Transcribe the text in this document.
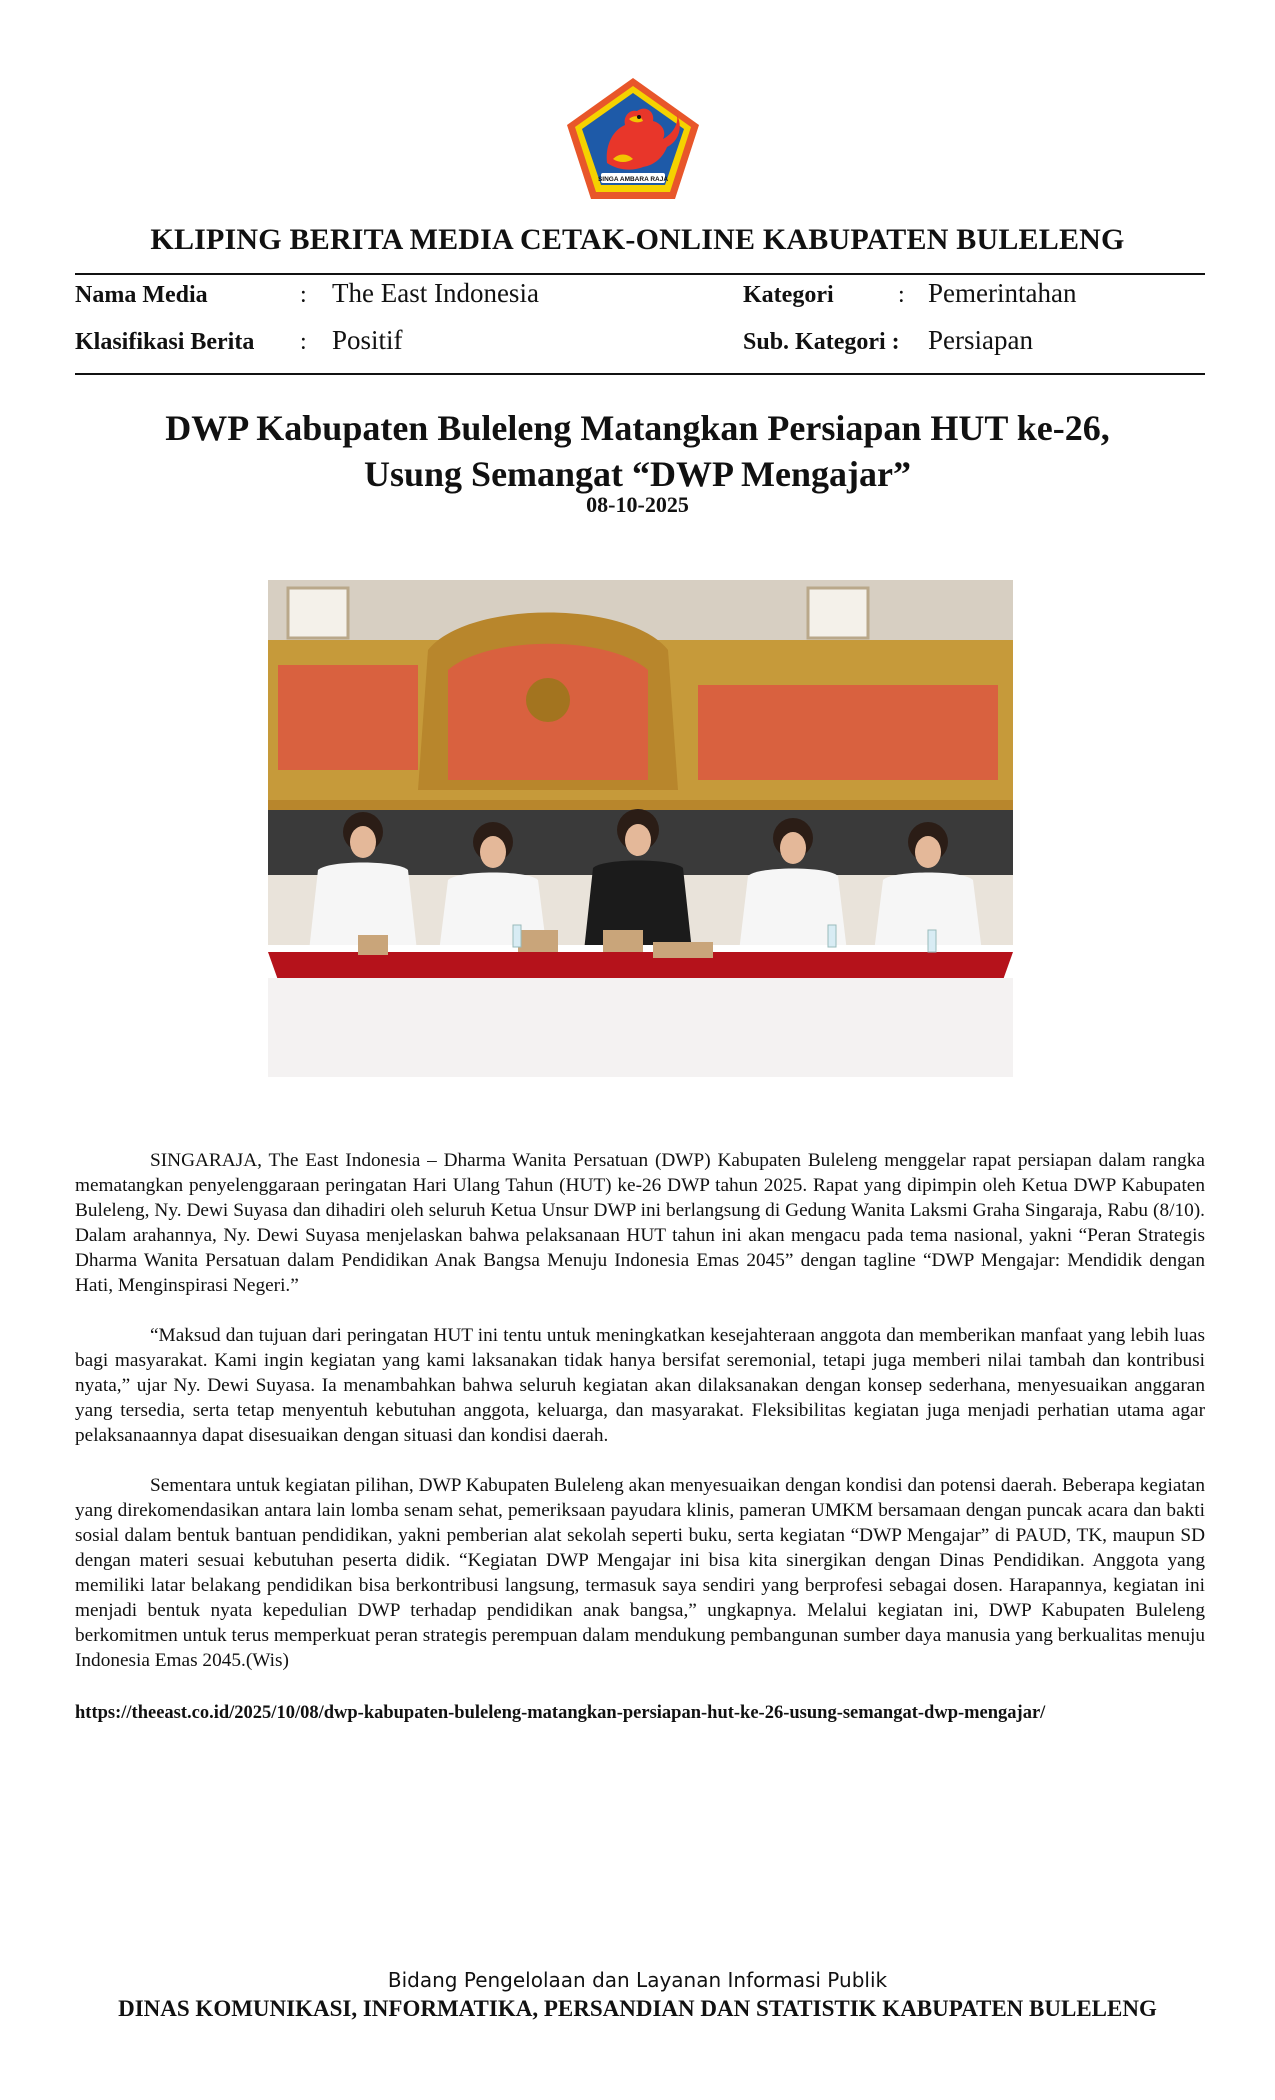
SINGA AMBARA RAJA
KLIPING BERITA MEDIA CETAK-ONLINE KABUPATEN BULELENG
Nama Media	: The East Indonesia	Kategori	: Pemerintahan
Klasifikasi Berita : Positif	Sub. Kategori : Persiapan
DWP Kabupaten Buleleng Matangkan Persiapan HUT ke-26,
Usung Semangat “DWP Mengajar”
08-10-2025

SINGARAJA, The East Indonesia – Dharma Wanita Persatuan (DWP) Kabupaten Buleleng menggelar rapat persiapan dalam rangka mematangkan penyelenggaraan peringatan Hari Ulang Tahun (HUT) ke-26 DWP tahun 2025. Rapat yang dipimpin oleh Ketua DWP Kabupaten Buleleng, Ny. Dewi Suyasa dan dihadiri oleh seluruh Ketua Unsur DWP ini berlangsung di Gedung Wanita Laksmi Graha Singaraja, Rabu (8/10). Dalam arahannya, Ny. Dewi Suyasa menjelaskan bahwa pelaksanaan HUT tahun ini akan mengacu pada tema nasional, yakni “Peran Strategis Dharma Wanita Persatuan dalam Pendidikan Anak Bangsa Menuju Indonesia Emas 2045” dengan tagline “DWP Mengajar: Mendidik dengan Hati, Menginspirasi Negeri.”

“Maksud dan tujuan dari peringatan HUT ini tentu untuk meningkatkan kesejahteraan anggota dan memberikan manfaat yang lebih luas bagi masyarakat. Kami ingin kegiatan yang kami laksanakan tidak hanya bersifat seremonial, tetapi juga memberi nilai tambah dan kontribusi nyata,” ujar Ny. Dewi Suyasa. Ia menambahkan bahwa seluruh kegiatan akan dilaksanakan dengan konsep sederhana, menyesuaikan anggaran yang tersedia, serta tetap menyentuh kebutuhan anggota, keluarga, dan masyarakat. Fleksibilitas kegiatan juga menjadi perhatian utama agar pelaksanaannya dapat disesuaikan dengan situasi dan kondisi daerah.

Sementara untuk kegiatan pilihan, DWP Kabupaten Buleleng akan menyesuaikan dengan kondisi dan potensi daerah. Beberapa kegiatan yang direkomendasikan antara lain lomba senam sehat, pemeriksaan payudara klinis, pameran UMKM bersamaan dengan puncak acara dan bakti sosial dalam bentuk bantuan pendidikan, yakni pemberian alat sekolah seperti buku, serta kegiatan “DWP Mengajar” di PAUD, TK, maupun SD dengan materi sesuai kebutuhan peserta didik. “Kegiatan DWP Mengajar ini bisa kita sinergikan dengan Dinas Pendidikan. Anggota yang memiliki latar belakang pendidikan bisa berkontribusi langsung, termasuk saya sendiri yang berprofesi sebagai dosen. Harapannya, kegiatan ini menjadi bentuk nyata kepedulian DWP terhadap pendidikan anak bangsa,” ungkapnya. Melalui kegiatan ini, DWP Kabupaten Buleleng berkomitmen untuk terus memperkuat peran strategis perempuan dalam mendukung pembangunan sumber daya manusia yang berkualitas menuju Indonesia Emas 2045.(Wis)

https://theeast.co.id/2025/10/08/dwp-kabupaten-buleleng-matangkan-persiapan-hut-ke-26-usung-semangat-dwp-mengajar/
Bidang Pengelolaan dan Layanan Informasi Publik
DINAS KOMUNIKASI, INFORMATIKA, PERSANDIAN DAN STATISTIK KABUPATEN BULELENG
